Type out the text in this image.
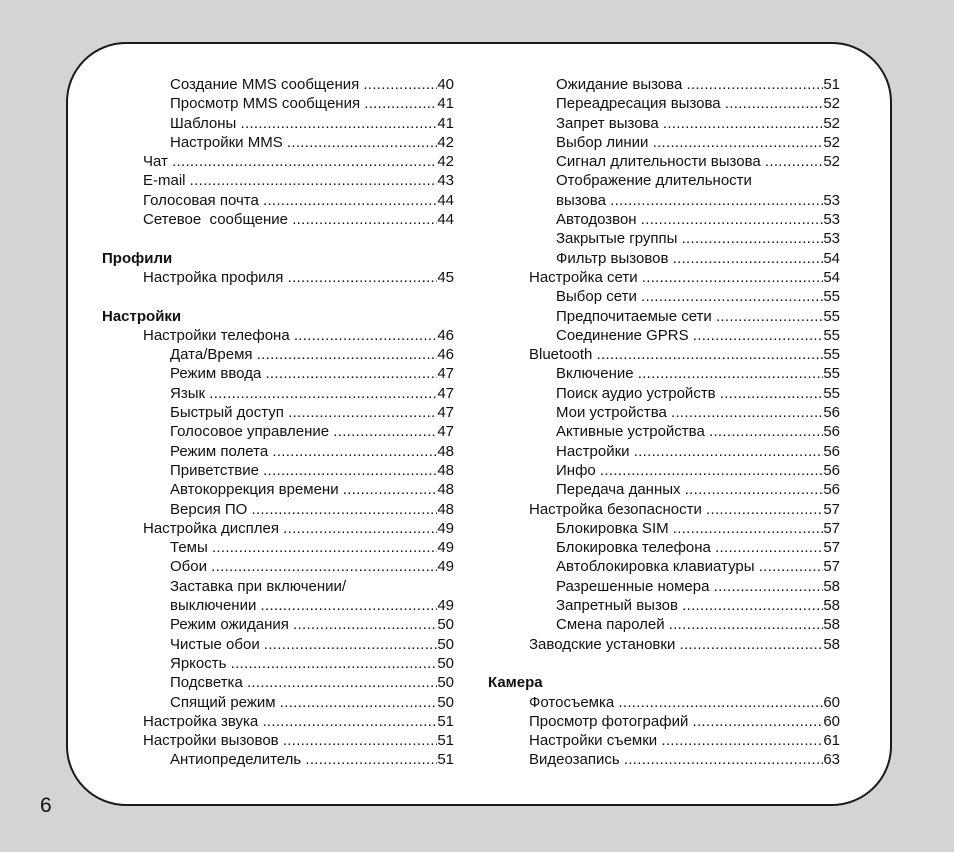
Создание MMS сообщения .....	40
Просмотр MMS сообщения .....	41
Шаблоны .....	41
Настройки MMS .....	42
Чат .....	42
E-mail .....	43
Голосовая почта .....	44
Сетевое  сообщение .....	44
Профили
Настройка профиля .....	45
Настройки
Настройки телефона .....	46
Дата/Время .....	46
Режим ввода .....	47
Язык .....	47
Быстрый доступ .....	47
Голосовое управление .....	47
Режим полета .....	48
Приветствие .....	48
Автокоррекция времени .....	48
Версия ПО .....	48
Настройка дисплея .....	49
Темы .....	49
Обои .....	49
Заставка при включении/
выключении .....	49
Режим ожидания .....	50
Чистые обои .....	50
Яркость .....	50
Подсветка .....	50
Спящий режим .....	50
Настройка звука .....	51
Настройки вызовов .....	51
Антиопределитель .....	51
Ожидание вызова .....	51
Переадресация вызова .....	52
Запрет вызова .....	52
Выбор линии .....	52
Сигнал длительности вызова .....	52
Отображение длительности
вызова .....	53
Автодозвон .....	53
Закрытые группы .....	53
Фильтр вызовов .....	54
Настройка сети .....	54
Выбор сети .....	55
Предпочитаемые сети .....	55
Соединение GPRS .....	55
Bluetooth .....	55
Включение .....	55
Поиск аудио устройств .....	55
Мои устройства .....	56
Активные устройства .....	56
Настройки .....	56
Инфо .....	56
Передача данных .....	56
Настройка безопасности .....	57
Блокировка SIM .....	57
Блокировка телефона .....	57
Автоблокировка клавиатуры .....	57
Разрешенные номера .....	58
Запретный вызов .....	58
Смена паролей .....	58
Заводские установки .....	58
Камера
Фотосъемка .....	60
Просмотр фотографий .....	60
Настройки съемки .....	61
Видеозапись .....	63
6
